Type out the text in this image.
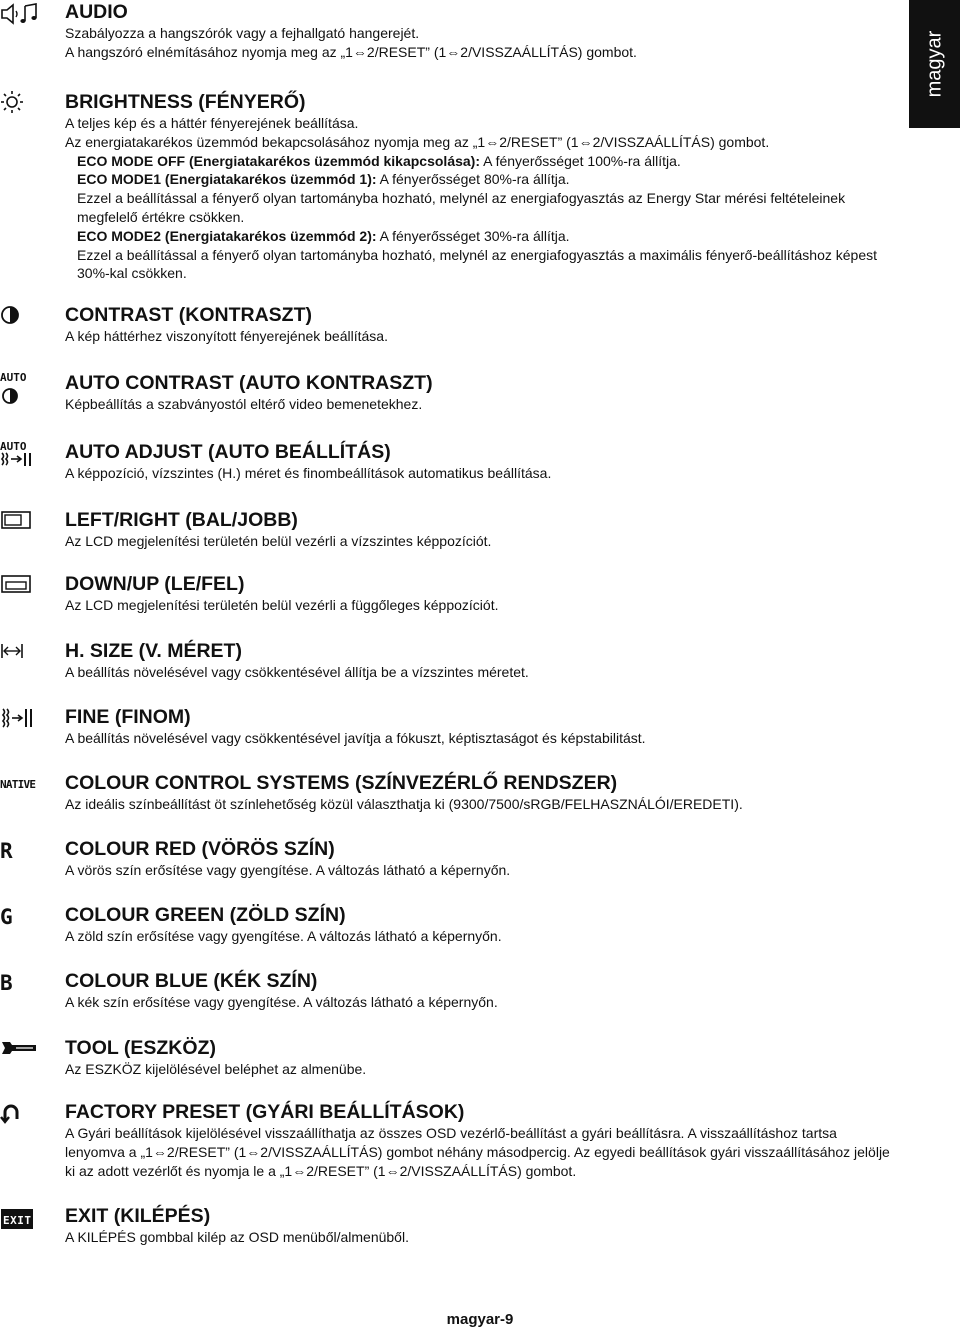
magyar

AUDIO

Szabályozza a hangszórók vagy a fejhallgató hangerejét.

A hangszóró elnémításához nyomja meg az „1⇔2/RESET” (1⇔2/VISSZAÁLLÍTÁS) gombot.

BRIGHTNESS (FÉNYERŐ)

A teljes kép és a háttér fényerejének beállítása.

Az energiatakarékos üzemmód bekapcsolásához nyomja meg az „1⇔2/RESET” (1⇔2/VISSZAÁLLÍTÁS) gombot.

ECO MODE OFF (Energiatakarékos üzemmód kikapcsolása): A fényerősséget 100%-ra állítja.

ECO MODE1 (Energiatakarékos üzemmód 1): A fényerősséget 80%-ra állítja.

Ezzel a beállítással a fényerő olyan tartományba hozható, melynél az energiafogyasztás az Energy Star mérési feltételeinek megfelelő értékre csökken.

ECO MODE2 (Energiatakarékos üzemmód 2): A fényerősséget 30%-ra állítja.

Ezzel a beállítással a fényerő olyan tartományba hozható, melynél az energiafogyasztás a maximális fényerő-beállításhoz képest 30%-kal csökken.

CONTRAST (KONTRASZT)

A kép háttérhez viszonyított fényerejének beállítása.

AUTO AUTO CONTRAST (AUTO KONTRASZT)

Képbeállítás a szabványostól eltérő video bemenetekhez.

AUTO AUTO ADJUST (AUTO BEÁLLÍTÁS)

A képpozíció, vízszintes (H.) méret és finombeállítások automatikus beállítása.

LEFT/RIGHT (BAL/JOBB)

Az LCD megjelenítési területén belül vezérli a vízszintes képpozíciót.

DOWN/UP (LE/FEL)

Az LCD megjelenítési területén belül vezérli a függőleges képpozíciót.

H. SIZE (V. MÉRET)

A beállítás növelésével vagy csökkentésével állítja be a vízszintes méretet.

FINE (FINOM)

A beállítás növelésével vagy csökkentésével javítja a fókuszt, képtisztaságot és képstabilitást.

NATIVE COLOUR CONTROL SYSTEMS (SZÍNVEZÉRLŐ RENDSZER)

Az ideális színbeállítást öt színlehetőség közül választhatja ki (9300/7500/sRGB/FELHASZNÁLÓI/EREDETI).

R	COLOUR RED (VÖRÖS SZÍN)

A vörös szín erősítése vagy gyengítése. A változás látható a képernyőn.

G	COLOUR GREEN (ZÖLD SZÍN)

A zöld szín erősítése vagy gyengítése. A változás látható a képernyőn.

B	COLOUR BLUE (KÉK SZÍN)

A kék szín erősítése vagy gyengítése. A változás látható a képernyőn.

TOOL (ESZKÖZ)

Az ESZKÖZ kijelölésével beléphet az almenübe.

FACTORY PRESET (GYÁRI BEÁLLÍTÁSOK)

A Gyári beállítások kijelölésével visszaállíthatja az összes OSD vezérlő-beállítást a gyári beállításra. A visszaállításhoz tartsa lenyomva a „1⇔2/RESET” (1⇔2/VISSZAÁLLÍTÁS) gombot néhány másodpercig. Az egyedi beállítások gyári visszaállításához jelölje ki az adott vezérlőt és nyomja le a „1⇔2/RESET” (1⇔2/VISSZAÁLLÍTÁS) gombot.

EXIT EXIT (KILÉPÉS)

A KILÉPÉS gombbal kilép az OSD menüből/almenüből.

magyar-9
